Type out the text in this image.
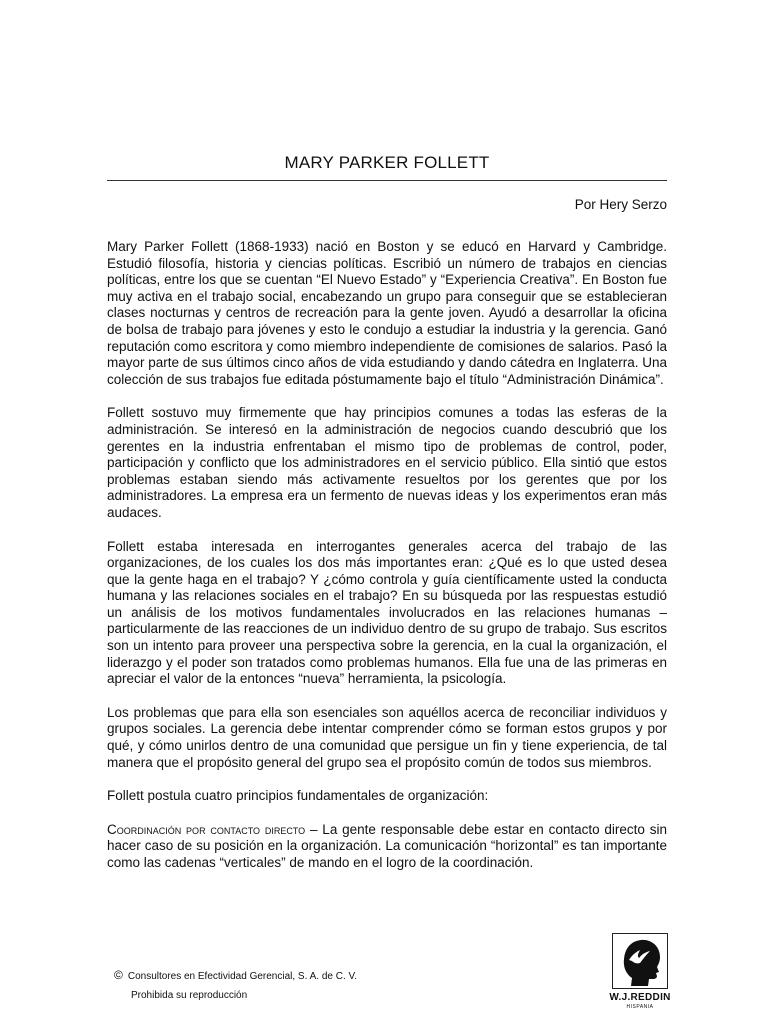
MARY PARKER FOLLETT
Por Hery Serzo

Mary Parker Follett (1868-1933) nació en Boston y se educó en Harvard y Cambridge. Estudió filosofía, historia y ciencias políticas. Escribió un número de trabajos en ciencias políticas, entre los que se cuentan “El Nuevo Estado” y “Experiencia Creativa”. En Boston fue muy activa en el trabajo social, encabezando un grupo para conseguir que se establecieran clases nocturnas y centros de recreación para la gente joven. Ayudó a desarrollar la oficina de bolsa de trabajo para jóvenes y esto le condujo a estudiar la industria y la gerencia. Ganó reputación como escritora y como miembro independiente de comisiones de salarios. Pasó la mayor parte de sus últimos cinco años de vida estudiando y dando cátedra en Inglaterra. Una colección de sus trabajos fue editada póstumamente bajo el título “Administración Dinámica”.

Follett sostuvo muy firmemente que hay principios comunes a todas las esferas de la administración. Se interesó en la administración de negocios cuando descubrió que los gerentes en la industria enfrentaban el mismo tipo de problemas de control, poder, participación y conflicto que los administradores en el servicio público. Ella sintió que estos problemas estaban siendo más activamente resueltos por los gerentes que por los administradores. La empresa era un fermento de nuevas ideas y los experimentos eran más audaces.

Follett estaba interesada en interrogantes generales acerca del trabajo de las organizaciones, de los cuales los dos más importantes eran: ¿Qué es lo que usted desea que la gente haga en el trabajo? Y ¿cómo controla y guía científicamente usted la conducta humana y las relaciones sociales en el trabajo? En su búsqueda por las respuestas estudió un análisis de los motivos fundamentales involucrados en las relaciones humanas –particularmente de las reacciones de un individuo dentro de su grupo de trabajo. Sus escritos son un intento para proveer una perspectiva sobre la gerencia, en la cual la organización, el liderazgo y el poder son tratados como problemas humanos. Ella fue una de las primeras en apreciar el valor de la entonces “nueva” herramienta, la psicología.

Los problemas que para ella son esenciales son aquéllos acerca de reconciliar individuos y grupos sociales. La gerencia debe intentar comprender cómo se forman estos grupos y por qué, y cómo unirlos dentro de una comunidad que persigue un fin y tiene experiencia, de tal manera que el propósito general del grupo sea el propósito común de todos sus miembros.

Follett postula cuatro principios fundamentales de organización:

Coordinación por contacto directo – La gente responsable debe estar en contacto directo sin hacer caso de su posición en la organización. La comunicación “horizontal” es tan importante como las cadenas “verticales” de mando en el logro de la coordinación.

© Consultores en Efectividad Gerencial, S. A. de C. V.
Prohibida su reproducción	W.J.REDDIN
HISPANIA
